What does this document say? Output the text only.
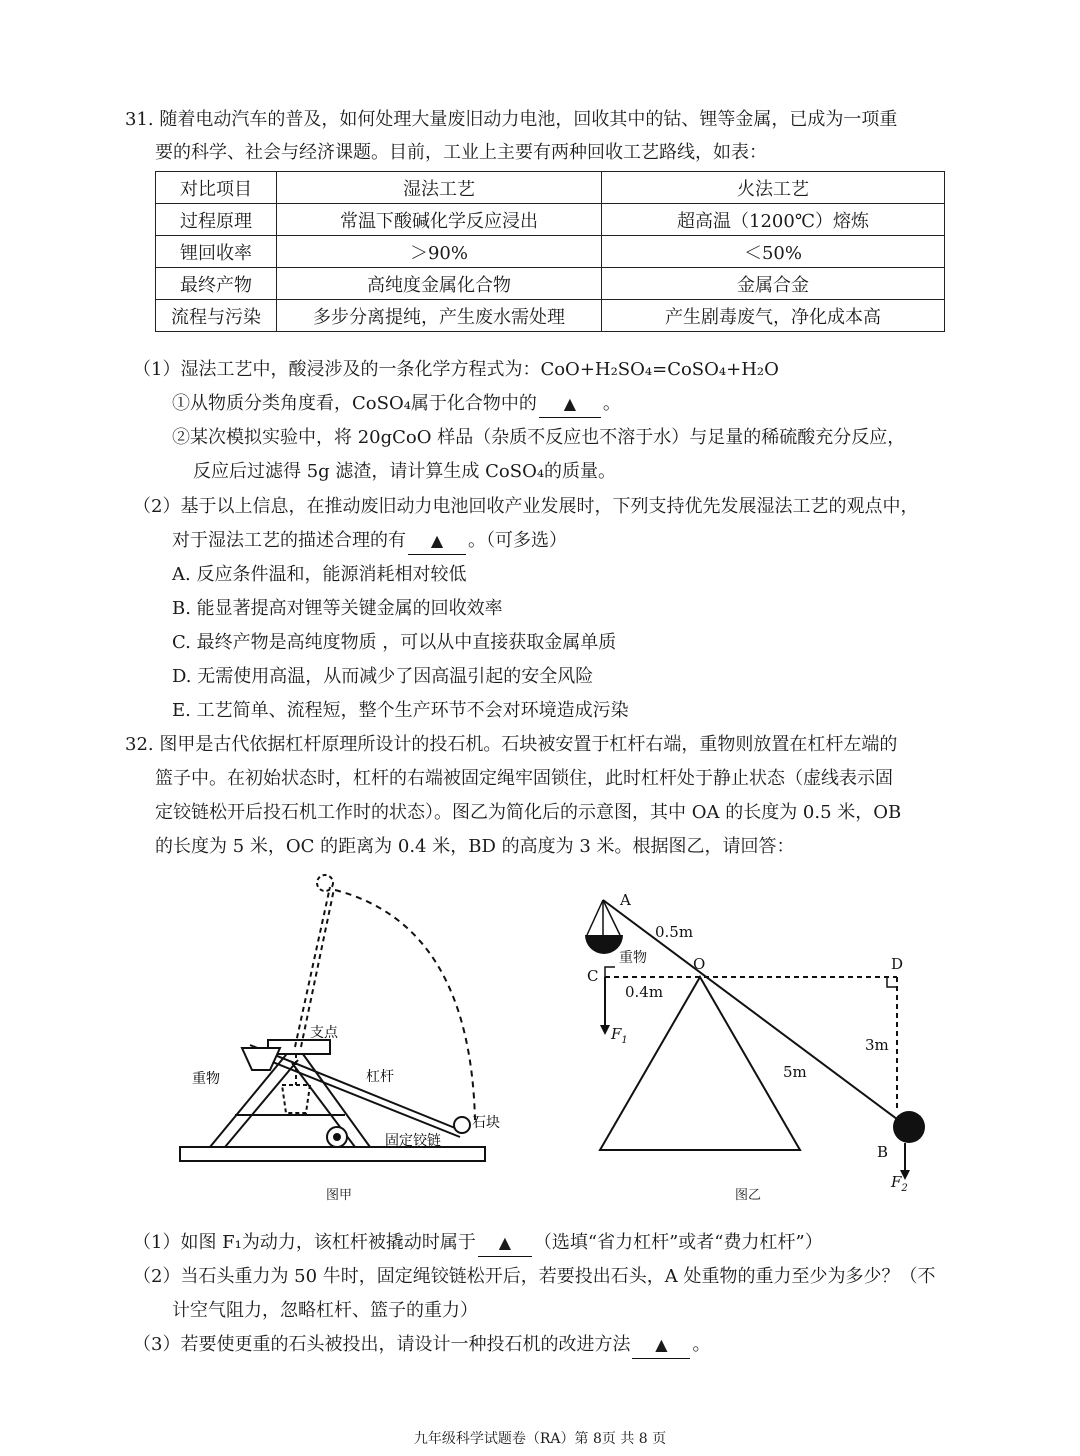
31. 随着电动汽车的普及，如何处理大量废旧动力电池，回收其中的钴、锂等金属，已成为一项重
要的科学、社会与经济课题。目前，工业上主要有两种回收工艺路线，如表：
对比项目	湿法工艺	火法工艺
过程原理	常温下酸碱化学反应浸出	超高温（1200℃）熔炼
锂回收率	＞90%	＜50%
最终产物	高纯度金属化合物	金属合金
流程与污染	多步分离提纯，产生废水需处理	产生剧毒废气，净化成本高
（1）湿法工艺中，酸浸涉及的一条化学方程式为：CoO+H₂SO₄=CoSO₄+H₂O
①从物质分类角度看，CoSO₄属于化合物中的 ▲ 。
②某次模拟实验中，将 20gCoO 样品（杂质不反应也不溶于水）与足量的稀硫酸充分反应，
反应后过滤得 5g 滤渣，请计算生成 CoSO₄的质量。
（2）基于以上信息，在推动废旧动力电池回收产业发展时，下列支持优先发展湿法工艺的观点中，
对于湿法工艺的描述合理的有 ▲ 。（可多选）
A. 反应条件温和，能源消耗相对较低
B. 能显著提高对锂等关键金属的回收效率
C. 最终产物是高纯度物质 ，可以从中直接获取金属单质
D. 无需使用高温，从而减少了因高温引起的安全风险
E. 工艺简单、流程短，整个生产环节不会对环境造成污染
32. 图甲是古代依据杠杆原理所设计的投石机。石块被安置于杠杆右端，重物则放置在杠杆左端的
篮子中。在初始状态时，杠杆的右端被固定绳牢固锁住，此时杠杆处于静止状态（虚线表示固
定铰链松开后投石机工作时的状态）。图乙为简化后的示意图，其中 OA 的长度为 0.5 米，OB
的长度为 5 米，OC 的距离为 0.4 米，BD 的高度为 3 米。根据图乙，请回答：
支点
重物	杠杆
石块
固定铰链
图甲
A
0.5m
重物	O
C
0.4m
D
3m
5m
B
$F_1$
$F_2$
图乙
（1）如图 F₁为动力，该杠杆被撬动时属于 ▲ （选填“省力杠杆”或者“费力杠杆”）
（2）当石头重力为 50 牛时，固定绳铰链松开后，若要投出石头，A 处重物的重力至少为多少？（不
计空气阻力，忽略杠杆、篮子的重力）
（3）若要使更重的石头被投出，请设计一种投石机的改进方法 ▲ 。
九年级科学试题卷（RA）第 8页 共 8 页
